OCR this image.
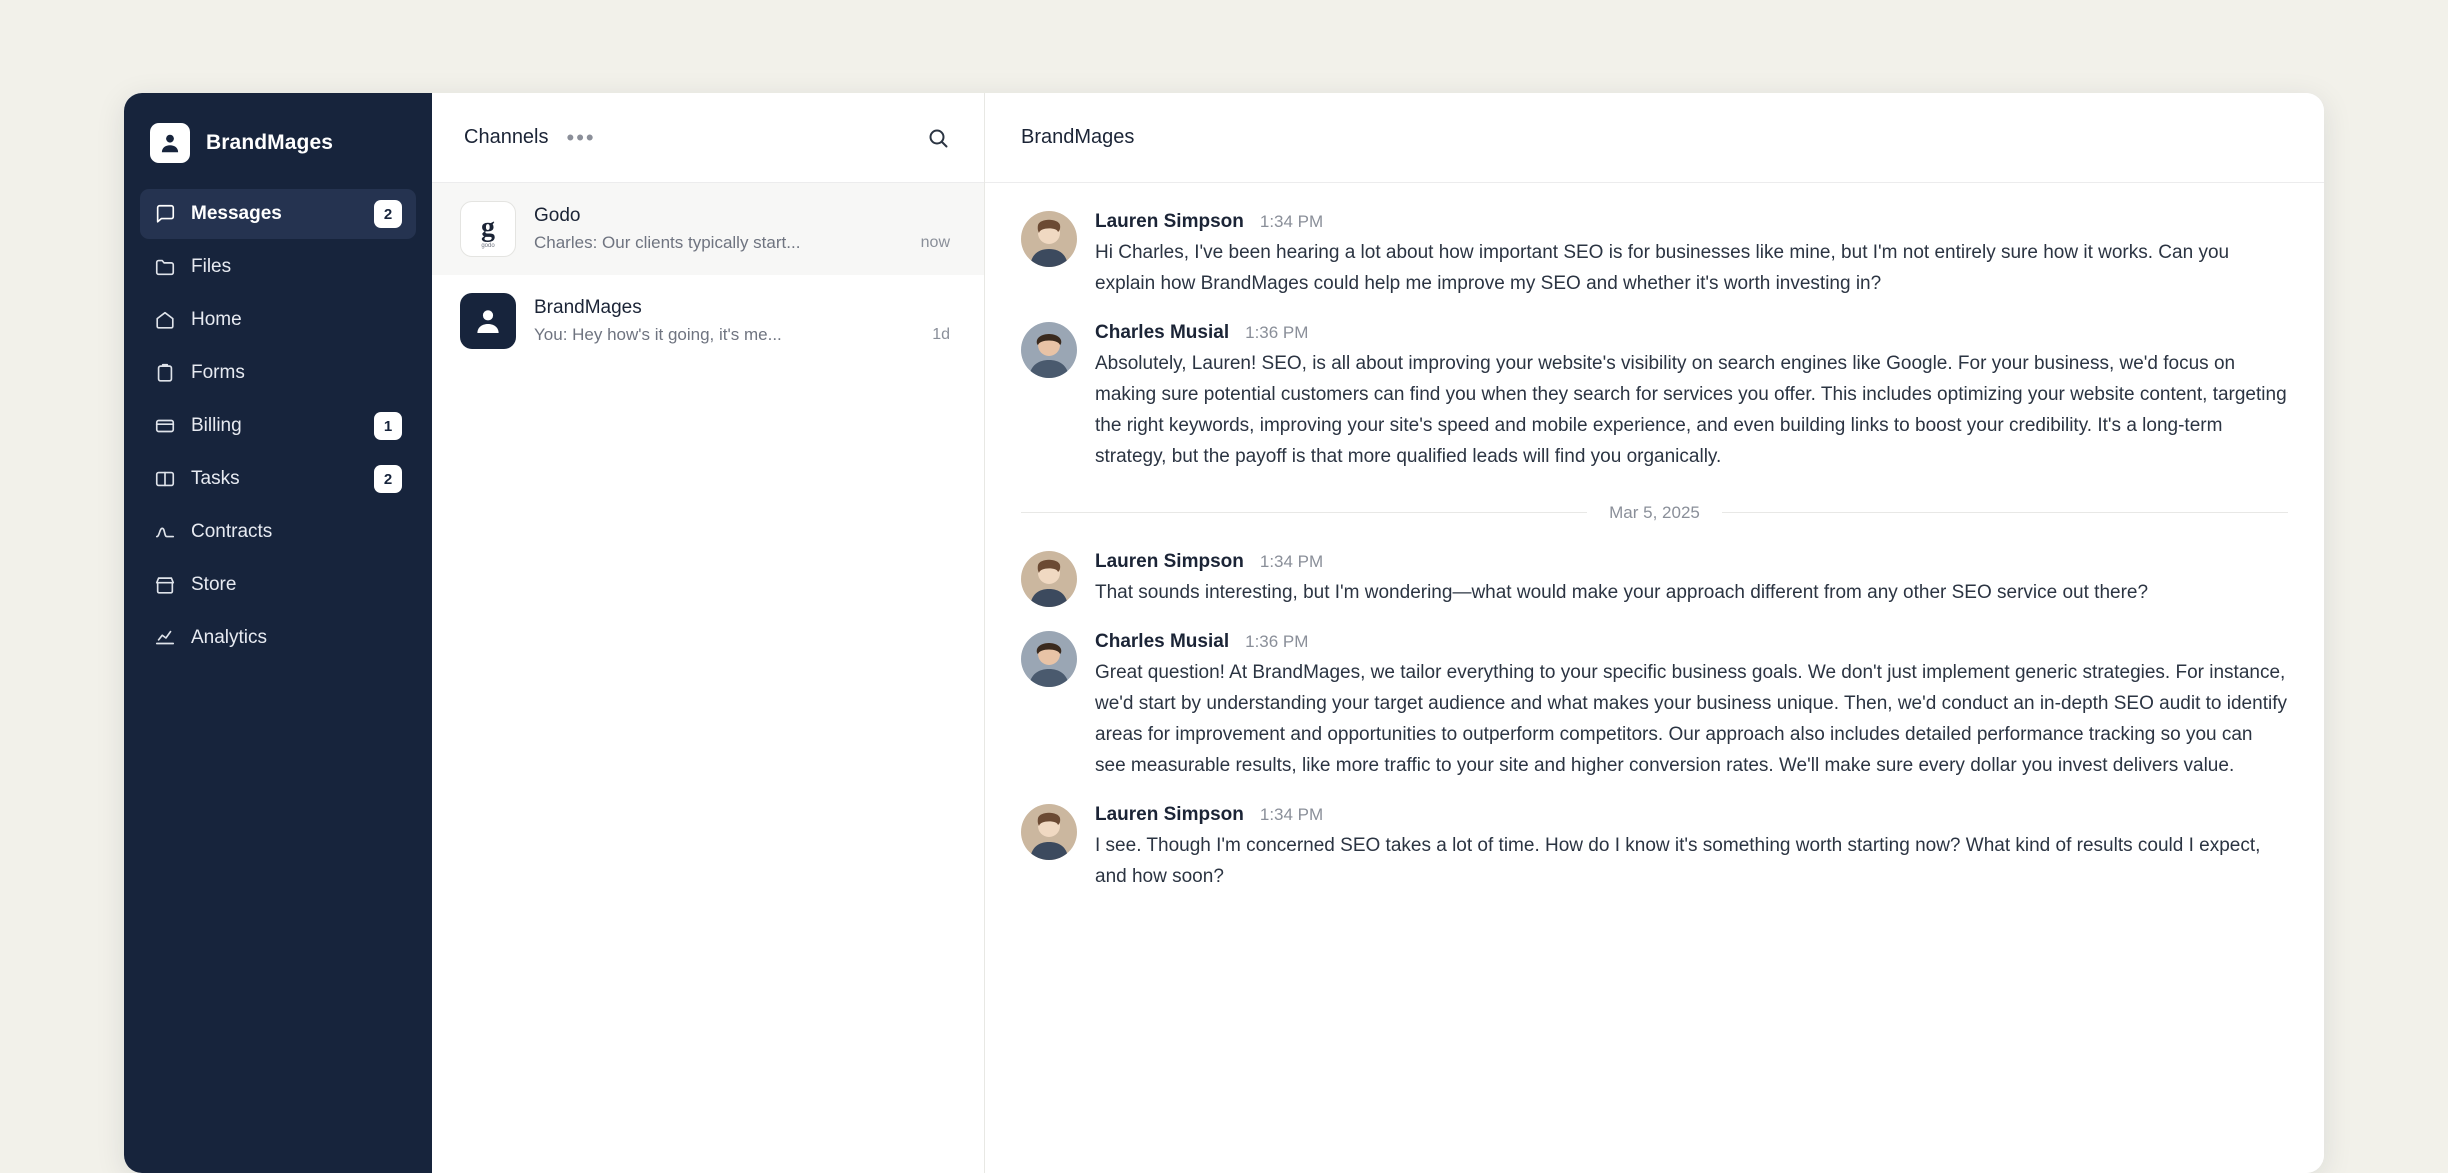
BrandMages
Messages	2
Files
Home
Forms
Billing	1
Tasks	2
Contracts
Store
Analytics
Channels •••
g
godo
Godo
Charles: Our clients typically start...	now
BrandMages
You: Hey how's it going, it's me...	1d
BrandMages
Lauren Simpson 1:34 PM
Hi Charles, I've been hearing a lot about how important SEO is for businesses like mine, but I'm not entirely sure how it works. Can you explain how BrandMages could help me improve my SEO and whether it's worth investing in?
Charles Musial 1:36 PM
Absolutely, Lauren! SEO, is all about improving your website's visibility on search engines like Google. For your business, we'd focus on making sure potential customers can find you when they search for services you offer. This includes optimizing your website content, targeting the right keywords, improving your site's speed and mobile experience, and even building links to boost your credibility. It's a long-term strategy, but the payoff is that more qualified leads will find you organically.
Mar 5, 2025
Lauren Simpson 1:34 PM
That sounds interesting, but I'm wondering—what would make your approach different from any other SEO service out there?
Charles Musial 1:36 PM
Great question! At BrandMages, we tailor everything to your specific business goals. We don't just implement generic strategies. For instance, we'd start by understanding your target audience and what makes your business unique. Then, we'd conduct an in-depth SEO audit to identify areas for improvement and opportunities to outperform competitors. Our approach also includes detailed performance tracking so you can see measurable results, like more traffic to your site and higher conversion rates. We'll make sure every dollar you invest delivers value.
Lauren Simpson 1:34 PM
I see. Though I'm concerned SEO takes a lot of time. How do I know it's something worth starting now? What kind of results could I expect, and how soon?
